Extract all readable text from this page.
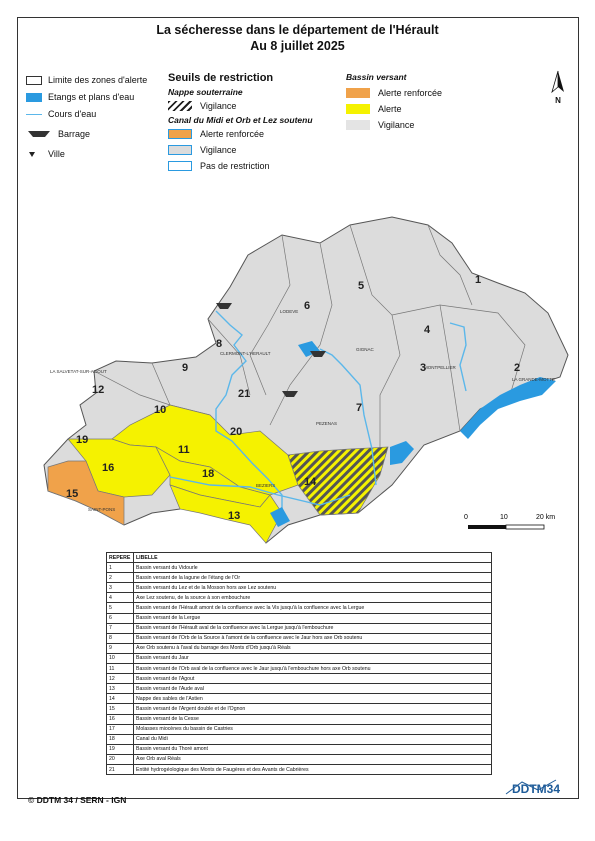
La sécheresse dans le département de l'Hérault
Au 8 juillet 2025
Limite des zones d'alerte
Etangs et plans d'eau
Cours d'eau
Barrage
Ville
Seuils de restriction
Nappe souterraine
Vigilance
Canal du Midi et Orb et Lez soutenu
Alerte renforcée
Vigilance
Pas de restriction
Bassin versant
Alerte renforcée
Alerte
Vigilance
N
1
2
3
4
5
6
7
8
9
10
11
12
13
14
15
16	18
19
20
21
LODEVE
MONTPELLIER
LA GRANDE-MOTTE
PEZENAS
BEZIERS
GIGNAC
CLERMONT-L'HERAULT
LA SALVETAT-SUR-AGOUT
SAINT-PONS
0	10	20 km
REPERE	LIBELLE
1	Bassin versant du Vidourle
2	Bassin versant de la lagune de l'étang de l'Or
3	Bassin versant du Lez et de la Mosson hors axe Lez soutenu
4	Axe Lez soutenu, de la source à son embouchure
5	Bassin versant de l'Hérault amont de la confluence avec la Vis jusqu'à la confluence avec la Lergue
6	Bassin versant de la Lergue
7	Bassin versant de l'Hérault aval de la confluence avec la Lergue jusqu'à l'embouchure
8	Bassin versant de l'Orb de la Source à l'amont de la confluence avec le Jaur hors axe Orb soutenu
9	Axe Orb soutenu à l'aval du barrage des Monts d'Orb jusqu'à Réals
10	Bassin versant du Jaur
11	Bassin versant de l'Orb aval de la confluence avec le Jaur jusqu'à l'embouchure hors axe Orb soutenu
12	Bassin versant de l'Agout
13	Bassin versant de l'Aude aval
14	Nappe des sables de l'Astien
15	Bassin versant de l'Argent double et de l'Ognon
16	Bassin versant de la Cesse
17	Molasses miocènes du bassin de Castries
18	Canal du Midi
19	Bassin versant du Thoré amont
20	Axe Orb aval Réals
21	Entité hydrogéologique des Monts de Faugères et des Avants de Cabrières
© DDTM 34 / SERN - IGN
DDTM34
